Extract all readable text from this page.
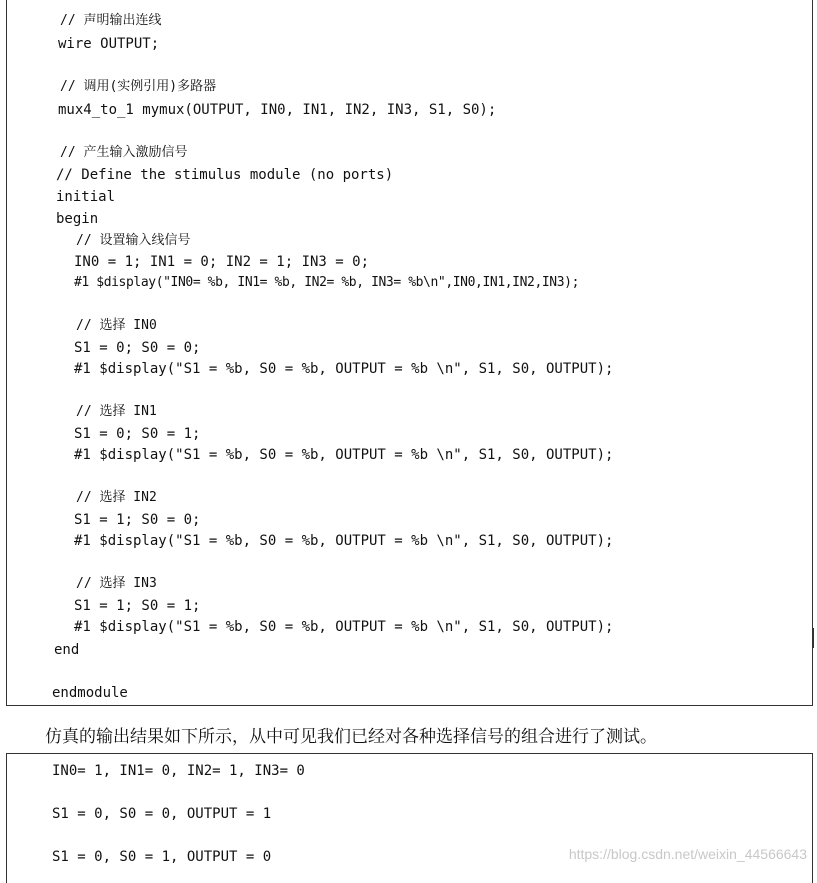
// 声明输出连线
wire OUTPUT;
// 调用(实例引用)多路器
mux4_to_1 mymux(OUTPUT, IN0, IN1, IN2, IN3, S1, S0);
// 产生输入激励信号
// Define the stimulus module (no ports)
initial
begin
// 设置输入线信号
IN0 = 1; IN1 = 0; IN2 = 1; IN3 = 0;
#1 $display("IN0= %b, IN1= %b, IN2= %b, IN3= %b\n",IN0,IN1,IN2,IN3);
// 选择 IN0
S1 = 0; S0 = 0;
#1 $display("S1 = %b, S0 = %b, OUTPUT = %b \n", S1, S0, OUTPUT);
// 选择 IN1
S1 = 0; S0 = 1;
#1 $display("S1 = %b, S0 = %b, OUTPUT = %b \n", S1, S0, OUTPUT);
// 选择 IN2
S1 = 1; S0 = 0;
#1 $display("S1 = %b, S0 = %b, OUTPUT = %b \n", S1, S0, OUTPUT);
// 选择 IN3
S1 = 1; S0 = 1;
#1 $display("S1 = %b, S0 = %b, OUTPUT = %b \n", S1, S0, OUTPUT);
end
endmodule
仿真的输出结果如下所示，从中可见我们已经对各种选择信号的组合进行了测试。
IN0= 1, IN1= 0, IN2= 1, IN3= 0
S1 = 0, S0 = 0, OUTPUT = 1
S1 = 0, S0 = 1, OUTPUT = 0	https://blog.csdn.net/weixin_44566643
